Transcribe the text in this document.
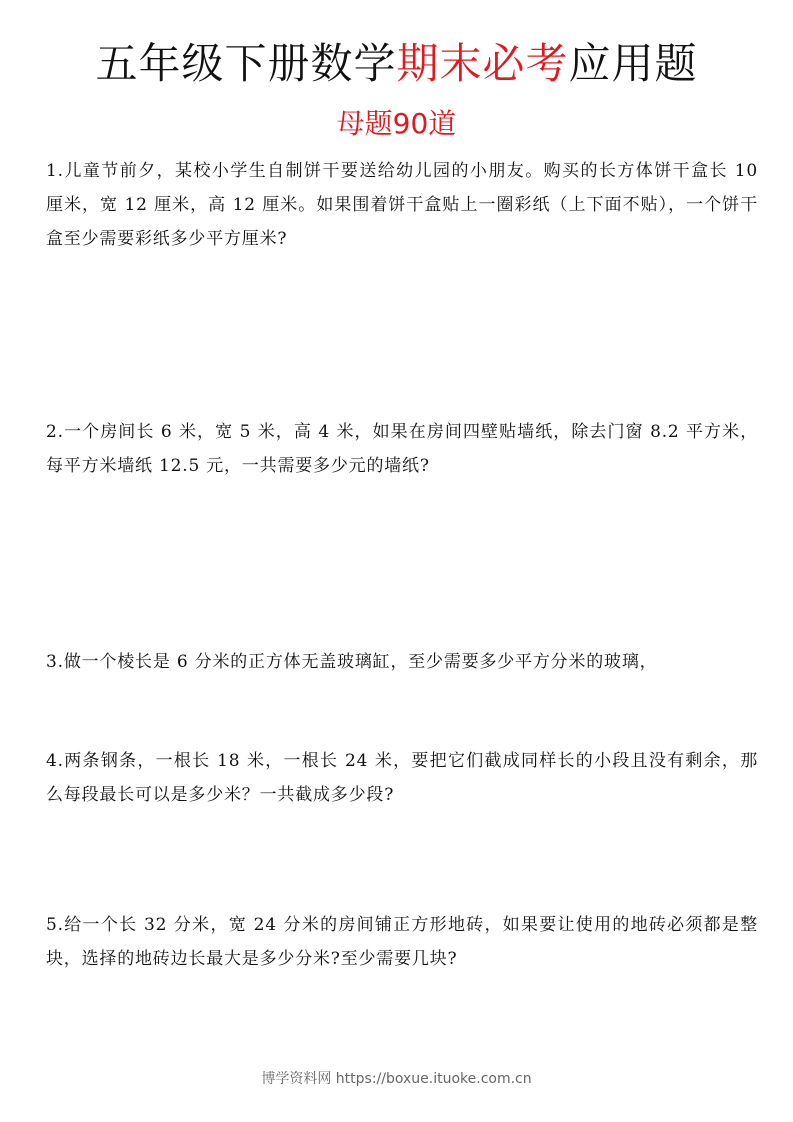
五年级下册数学期末必考应用题
母题90道
1.儿童节前夕，某校小学生自制饼干要送给幼儿园的小朋友。购买的长方体饼干盒长 10 厘米，宽 12 厘米，高 12 厘米。如果围着饼干盒贴上一圈彩纸（上下面不贴），一个饼干盒至少需要彩纸多少平方厘米?
2.一个房间长 6 米，宽 5 米，高 4 米，如果在房间四壁贴墙纸，除去门窗 8.2 平方米，每平方米墙纸 12.5 元，一共需要多少元的墙纸?
3.做一个棱长是 6 分米的正方体无盖玻璃缸，至少需要多少平方分米的玻璃，
4.两条钢条，一根长 18 米，一根长 24 米，要把它们截成同样长的小段且没有剩余，那么每段最长可以是多少米？一共截成多少段?
5.给一个长 32 分米，宽 24 分米的房间铺正方形地砖，如果要让使用的地砖必须都是整块，选择的地砖边长最大是多少分米?至少需要几块?
博学资料网 https://boxue.ituoke.com.cn
